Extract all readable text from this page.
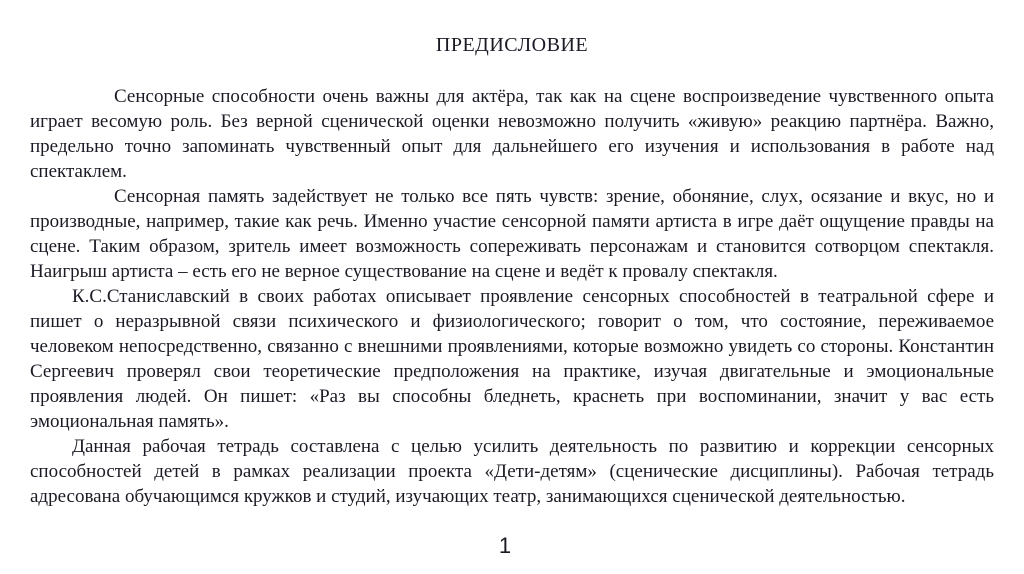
ПРЕДИСЛОВИЕ

Сенсорные способности очень важны для актёра, так как на сцене воспроизведение чувственного опыта играет весомую роль. Без верной сценической оценки невозможно получить «живую» реакцию партнёра. Важно, предельно точно запоминать чувственный опыт для дальнейшего его изучения и использования в работе над спектаклем.

Сенсорная память задействует не только все пять чувств: зрение, обоняние, слух, осязание и вкус, но и производные, например, такие как речь. Именно участие сенсорной памяти артиста в игре даёт ощущение правды на сцене. Таким образом, зритель имеет возможность сопереживать персонажам и становится сотворцом спектакля. Наигрыш артиста – есть его не верное существование на сцене и ведёт к провалу спектакля.

К.С.Станиславский в своих работах описывает проявление сенсорных способностей в театральной сфере и пишет о неразрывной связи психического и физиологического; говорит о том, что состояние, переживаемое человеком непосредственно, связанно с внешними проявлениями, которые возможно увидеть со стороны. Константин Сергеевич проверял свои теоретические предположения на практике, изучая двигательные и эмоциональные проявления людей. Он пишет: «Раз вы способны бледнеть, краснеть при воспоминании, значит у вас есть эмоциональная память».

Данная рабочая тетрадь составлена с целью усилить деятельность по развитию и коррекции сенсорных способностей детей в рамках реализации проекта «Дети-детям» (сценические дисциплины). Рабочая тетрадь адресована обучающимся кружков и студий, изучающих театр, занимающихся сценической деятельностью.

1
